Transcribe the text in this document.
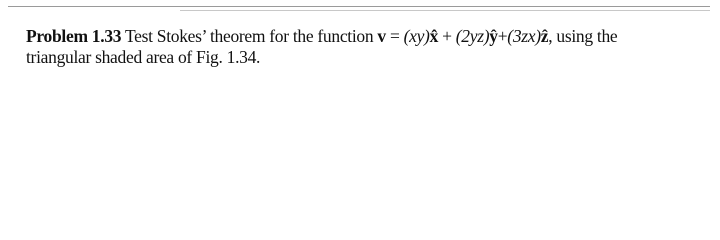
Problem 1.33 Test Stokes’ theorem for the function v = (xy)x̂ + (2yz)ŷ+(3zx)ẑ, using the
triangular shaded area of Fig. 1.34.
